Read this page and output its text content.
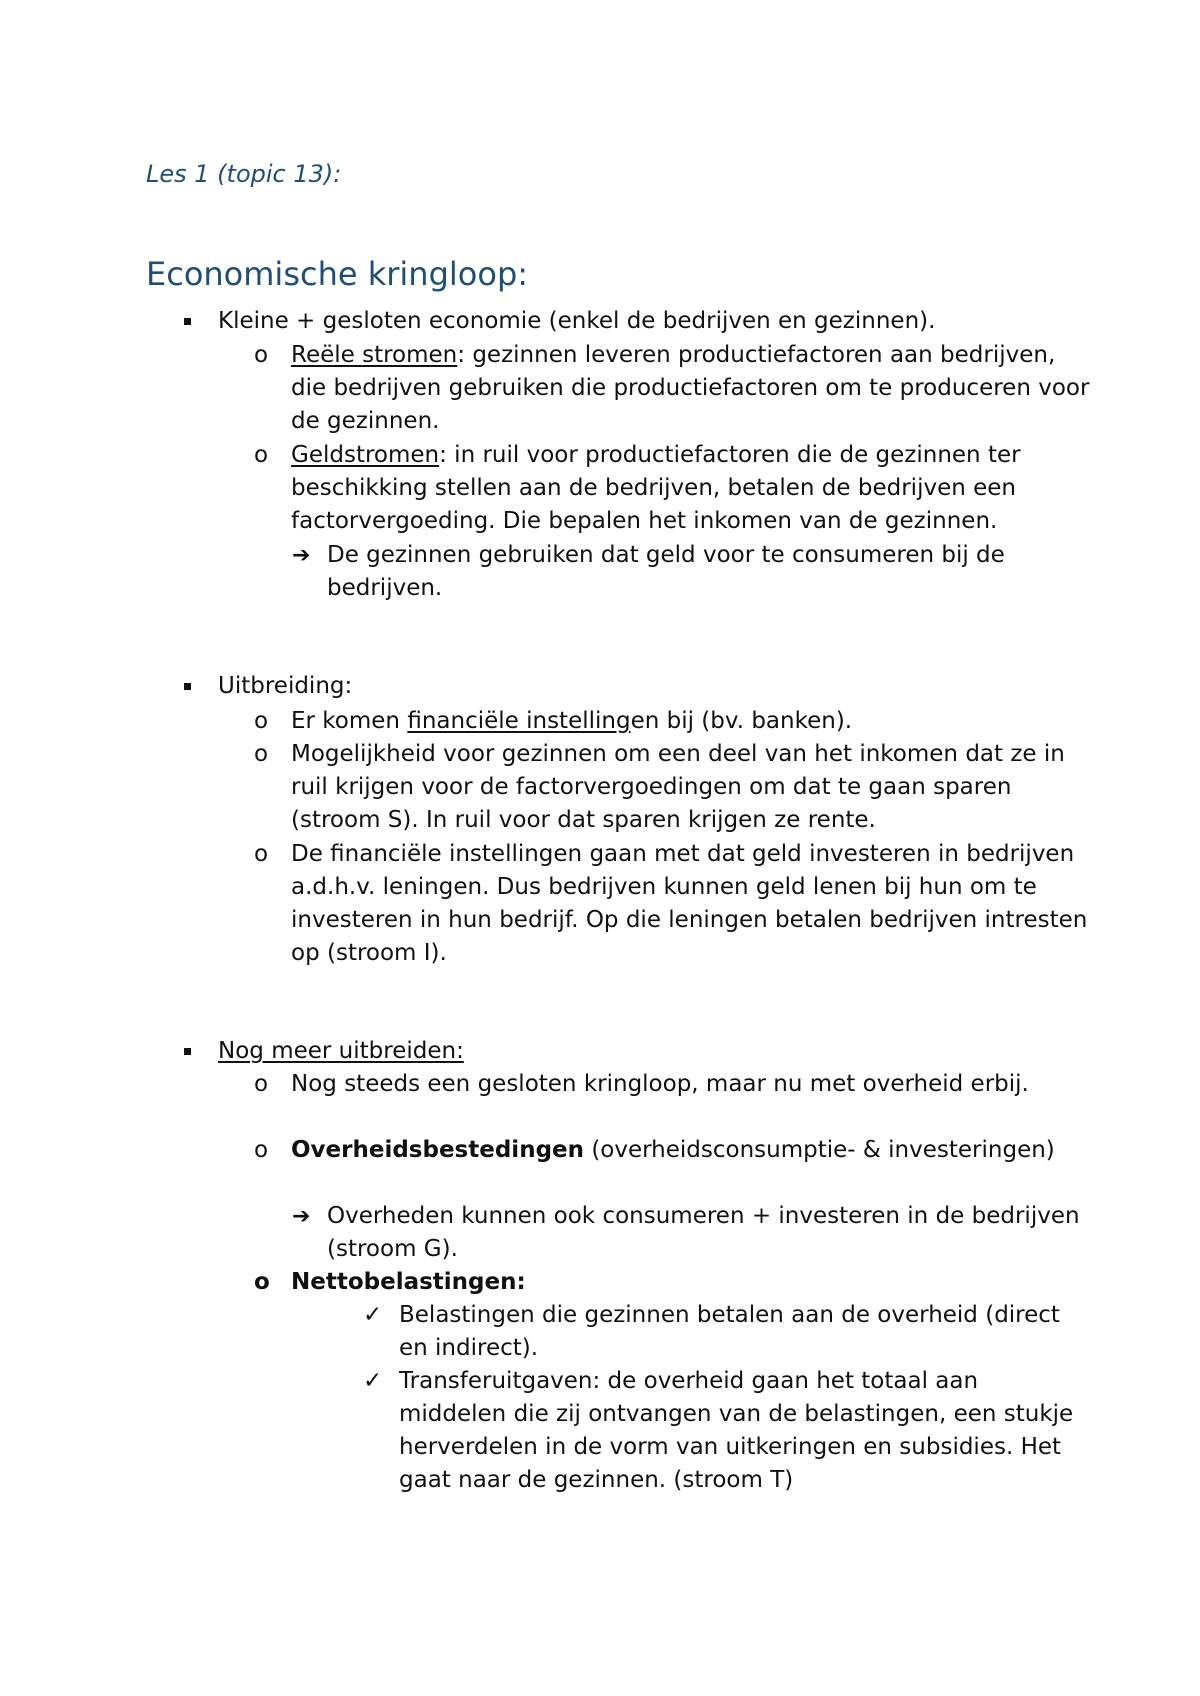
Les 1 (topic 13):
Economische kringloop:
Kleine + gesloten economie (enkel de bedrijven en gezinnen).
o Reële stromen: gezinnen leveren productiefactoren aan bedrijven, die bedrijven gebruiken die productiefactoren om te produceren voor de gezinnen.
o Geldstromen: in ruil voor productiefactoren die de gezinnen ter beschikking stellen aan de bedrijven, betalen de bedrijven een factorvergoeding. Die bepalen het inkomen van de gezinnen.
➔ De gezinnen gebruiken dat geld voor te consumeren bij de bedrijven.
Uitbreiding:
o Er komen financiële instellingen bij (bv. banken).
o Mogelijkheid voor gezinnen om een deel van het inkomen dat ze in ruil krijgen voor de factorvergoedingen om dat te gaan sparen (stroom S). In ruil voor dat sparen krijgen ze rente.
o De financiële instellingen gaan met dat geld investeren in bedrijven a.d.h.v. leningen. Dus bedrijven kunnen geld lenen bij hun om te investeren in hun bedrijf. Op die leningen betalen bedrijven intresten op (stroom I).
Nog meer uitbreiden:
o Nog steeds een gesloten kringloop, maar nu met overheid erbij.
o Overheidsbestedingen (overheidsconsumptie- & investeringen)
➔ Overheden kunnen ook consumeren + investeren in de bedrijven (stroom G).
o Nettobelastingen:
✓ Belastingen die gezinnen betalen aan de overheid (direct en indirect).
✓ Transferuitgaven: de overheid gaan het totaal aan middelen die zij ontvangen van de belastingen, een stukje herverdelen in de vorm van uitkeringen en subsidies. Het gaat naar de gezinnen. (stroom T)
